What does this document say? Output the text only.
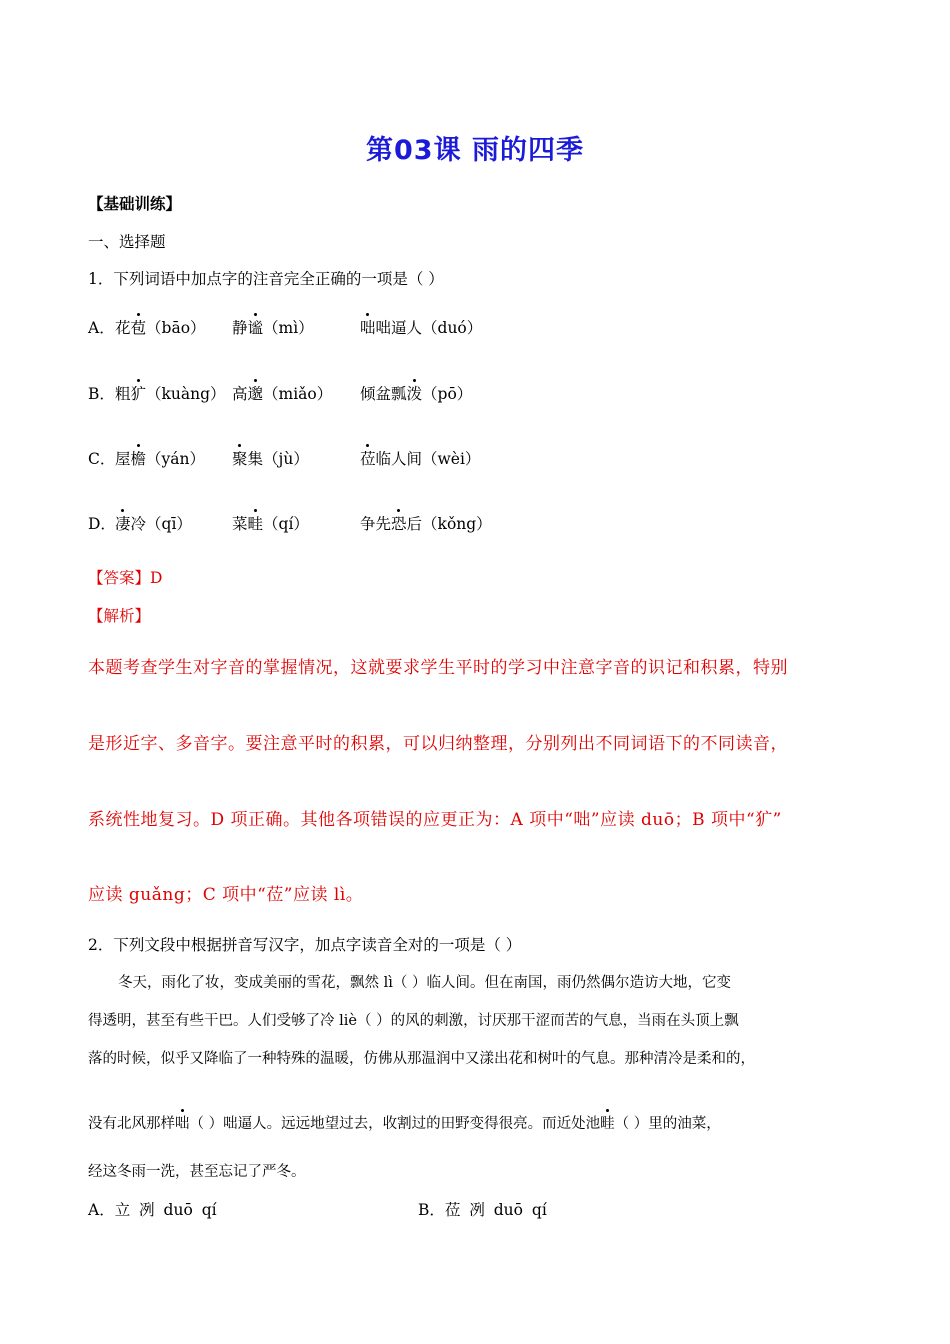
第03课 雨的四季
【基础训练】
一、选择题
1．下列词语中加点字的注音完全正确的一项是（ ）
A． 花苞（bāo） 静谧（mì）	咄咄逼人（duó）
B． 粗犷（kuàng） 高邈（miǎo） 倾盆瓢泼（pō）
C． 屋檐（yán） 聚集（jù）	莅临人间（wèi）
D． 凄冷（qī）	菜畦（qí）	争先恐后（kǒng）
【答案】D
【解析】
本题考查学生对字音的掌握情况，这就要求学生平时的学习中注意字音的识记和积累，特别
是形近字、多音字。要注意平时的积累，可以归纳整理，分别列出不同词语下的不同读音，
系统性地复习。D 项正确。其他各项错误的应更正为：A 项中“咄”应读 duō；B 项中“犷”
应读 guǎng；C 项中“莅”应读 lì。
2．下列文段中根据拼音写汉字，加点字读音全对的一项是（ ）
冬天，雨化了妆，变成美丽的雪花，飘然 lì（ ）临人间。但在南国，雨仍然偶尔造访大地，它变
得透明，甚至有些干巴。人们受够了冷 liè（ ）的风的刺激，讨厌那干涩而苦的气息，当雨在头顶上飘
落的时候，似乎又降临了一种特殊的温暖，仿佛从那温润中又漾出花和树叶的气息。那种清冷是柔和的，
没有北风那样咄（ ）咄逼人。远远地望过去，收割过的田野变得很亮。而近处池畦（ ）里的油菜，
经这冬雨一洗，甚至忘记了严冬。
A．立 冽 duō qí	B．莅 冽 duō qí
